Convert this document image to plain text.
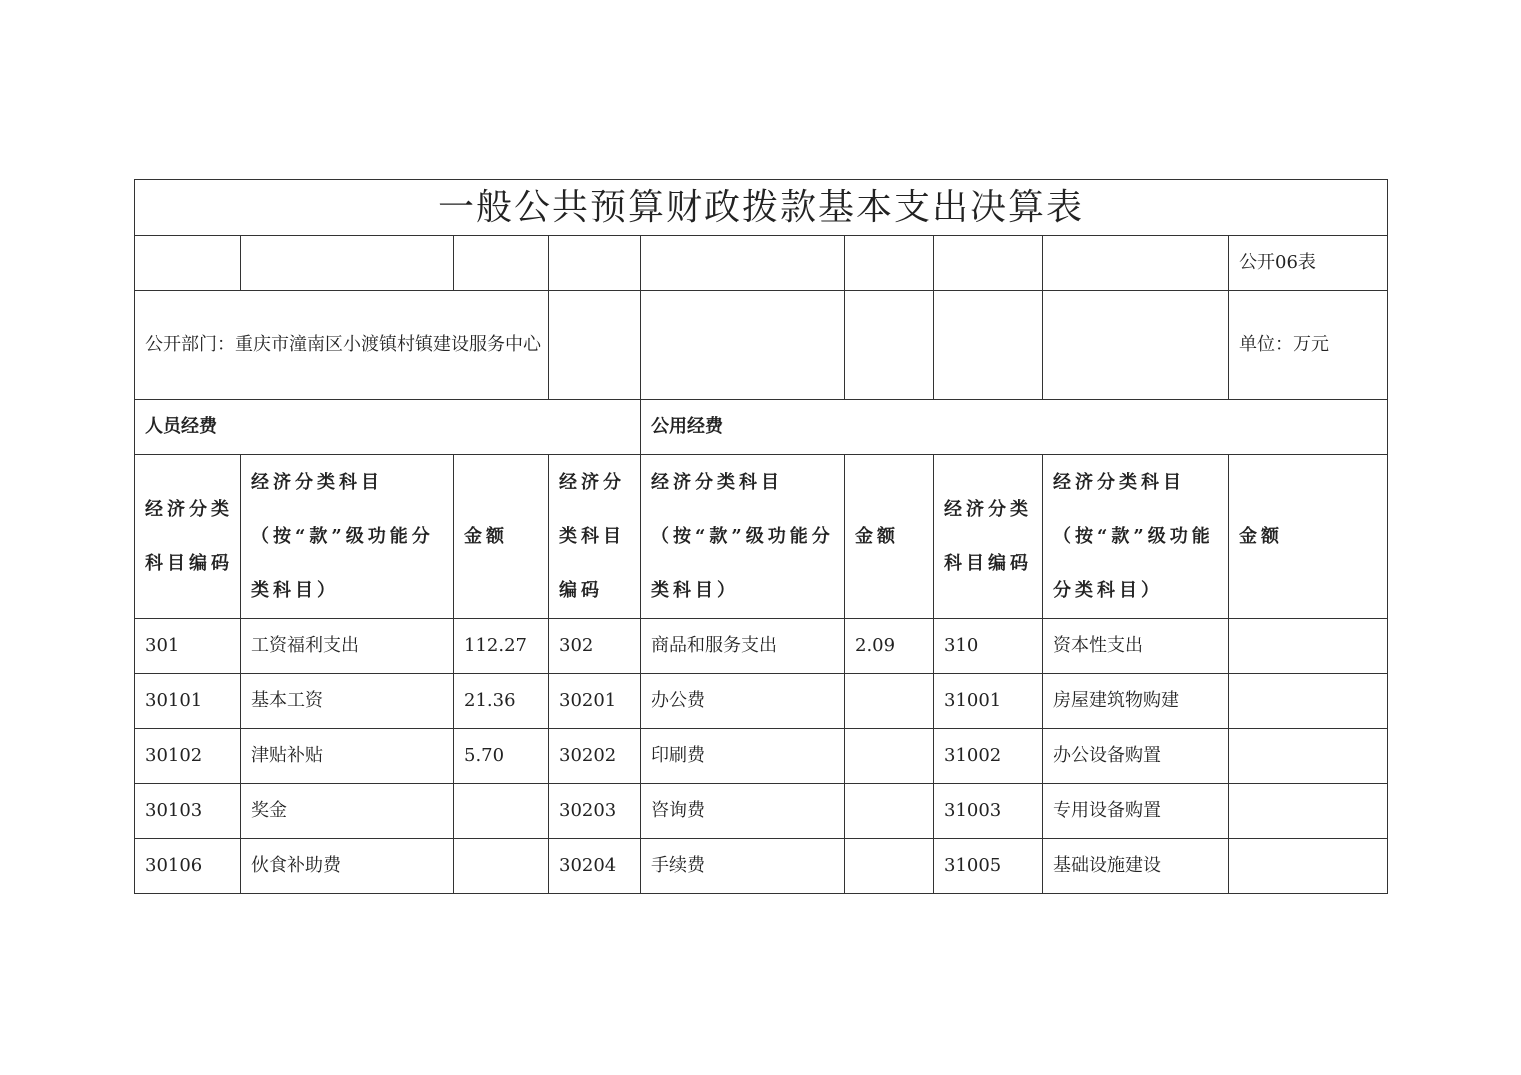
一般公共预算财政拨款基本支出决算表								
								公开06表
公开部门：重庆市潼南区小渡镇村镇建设服务中心								单位：万元
人员经费				公用经费				
经济分类科目编码	经济分类科目（按“款”级功能分类科目）	金额	经济分类科目编码	经济分类科目（按“款”级功能分类科目）	金额	经济分类科目编码	经济分类科目（按“款”级功能分类科目）	金额
301	工资福利支出	112.27	302	商品和服务支出	2.09	310	资本性支出	
30101	基本工资	21.36	30201	办公费		31001	房屋建筑物购建	
30102	津贴补贴	5.70	30202	印刷费		31002	办公设备购置	
30103	奖金		30203	咨询费		31003	专用设备购置	
30106	伙食补助费		30204	手续费		31005	基础设施建设	
